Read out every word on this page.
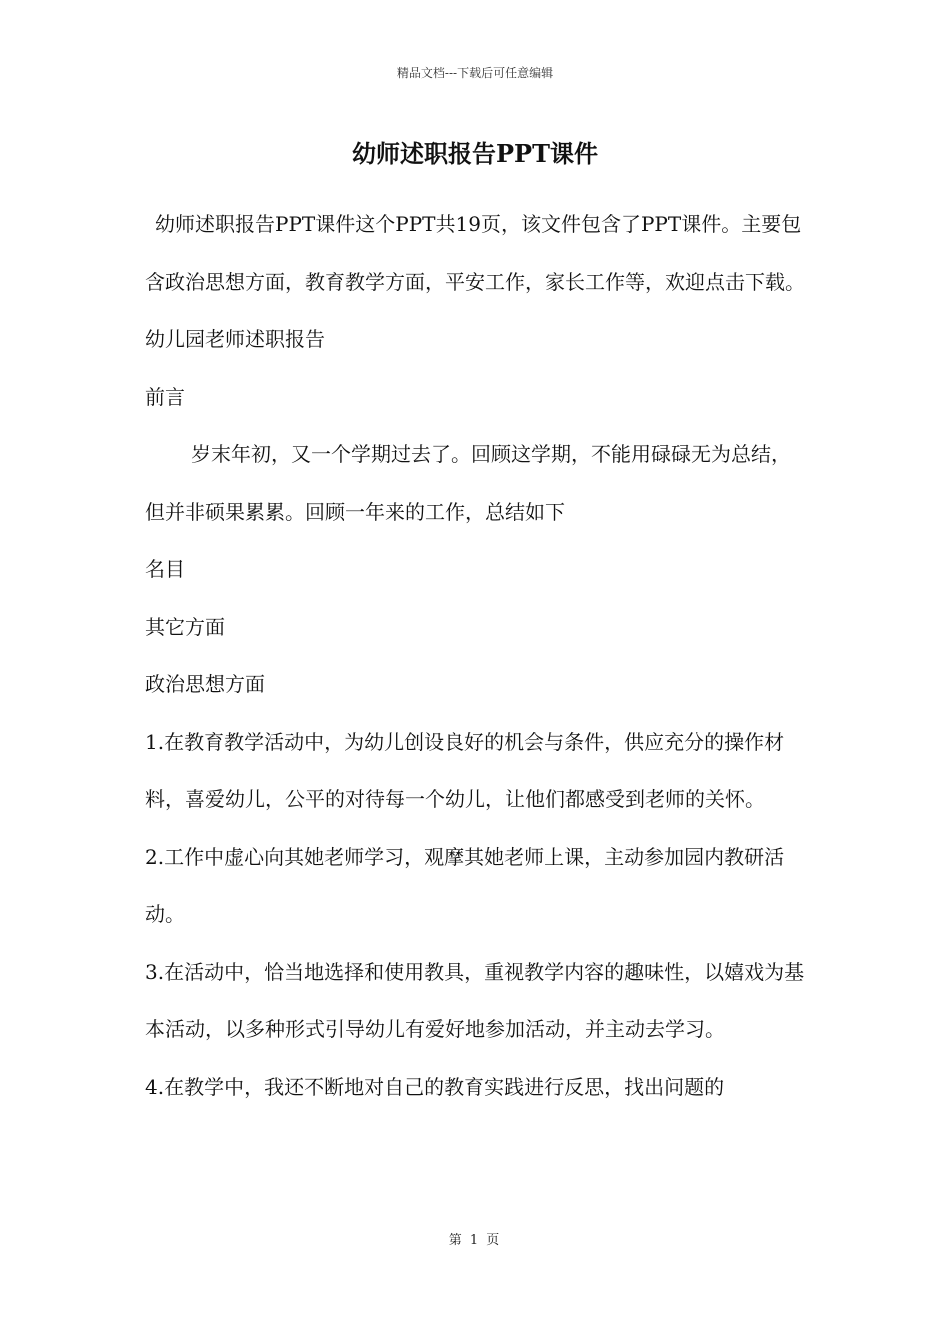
精品文档---下载后可任意编辑
幼师述职报告PPT课件

幼师述职报告PPT课件这个PPT共19页，该文件包含了PPT课件。主要包含政治思想方面，教育教学方面，平安工作，家长工作等，欢迎点击下载。幼儿园老师述职报告

前言

岁末年初，又一个学期过去了。回顾这学期，不能用碌碌无为总结，但并非硕果累累。回顾一年来的工作，总结如下

名目

其它方面

政治思想方面

1.在教育教学活动中，为幼儿创设良好的机会与条件，供应充分的操作材料，喜爱幼儿，公平的对待每一个幼儿，让他们都感受到老师的关怀。

2.工作中虚心向其她老师学习，观摩其她老师上课，主动参加园内教研活动。

3.在活动中，恰当地选择和使用教具，重视教学内容的趣味性，以嬉戏为基本活动，以多种形式引导幼儿有爱好地参加活动，并主动去学习。

4.在教学中，我还不断地对自己的教育实践进行反思，找出问题的

第 1 页
